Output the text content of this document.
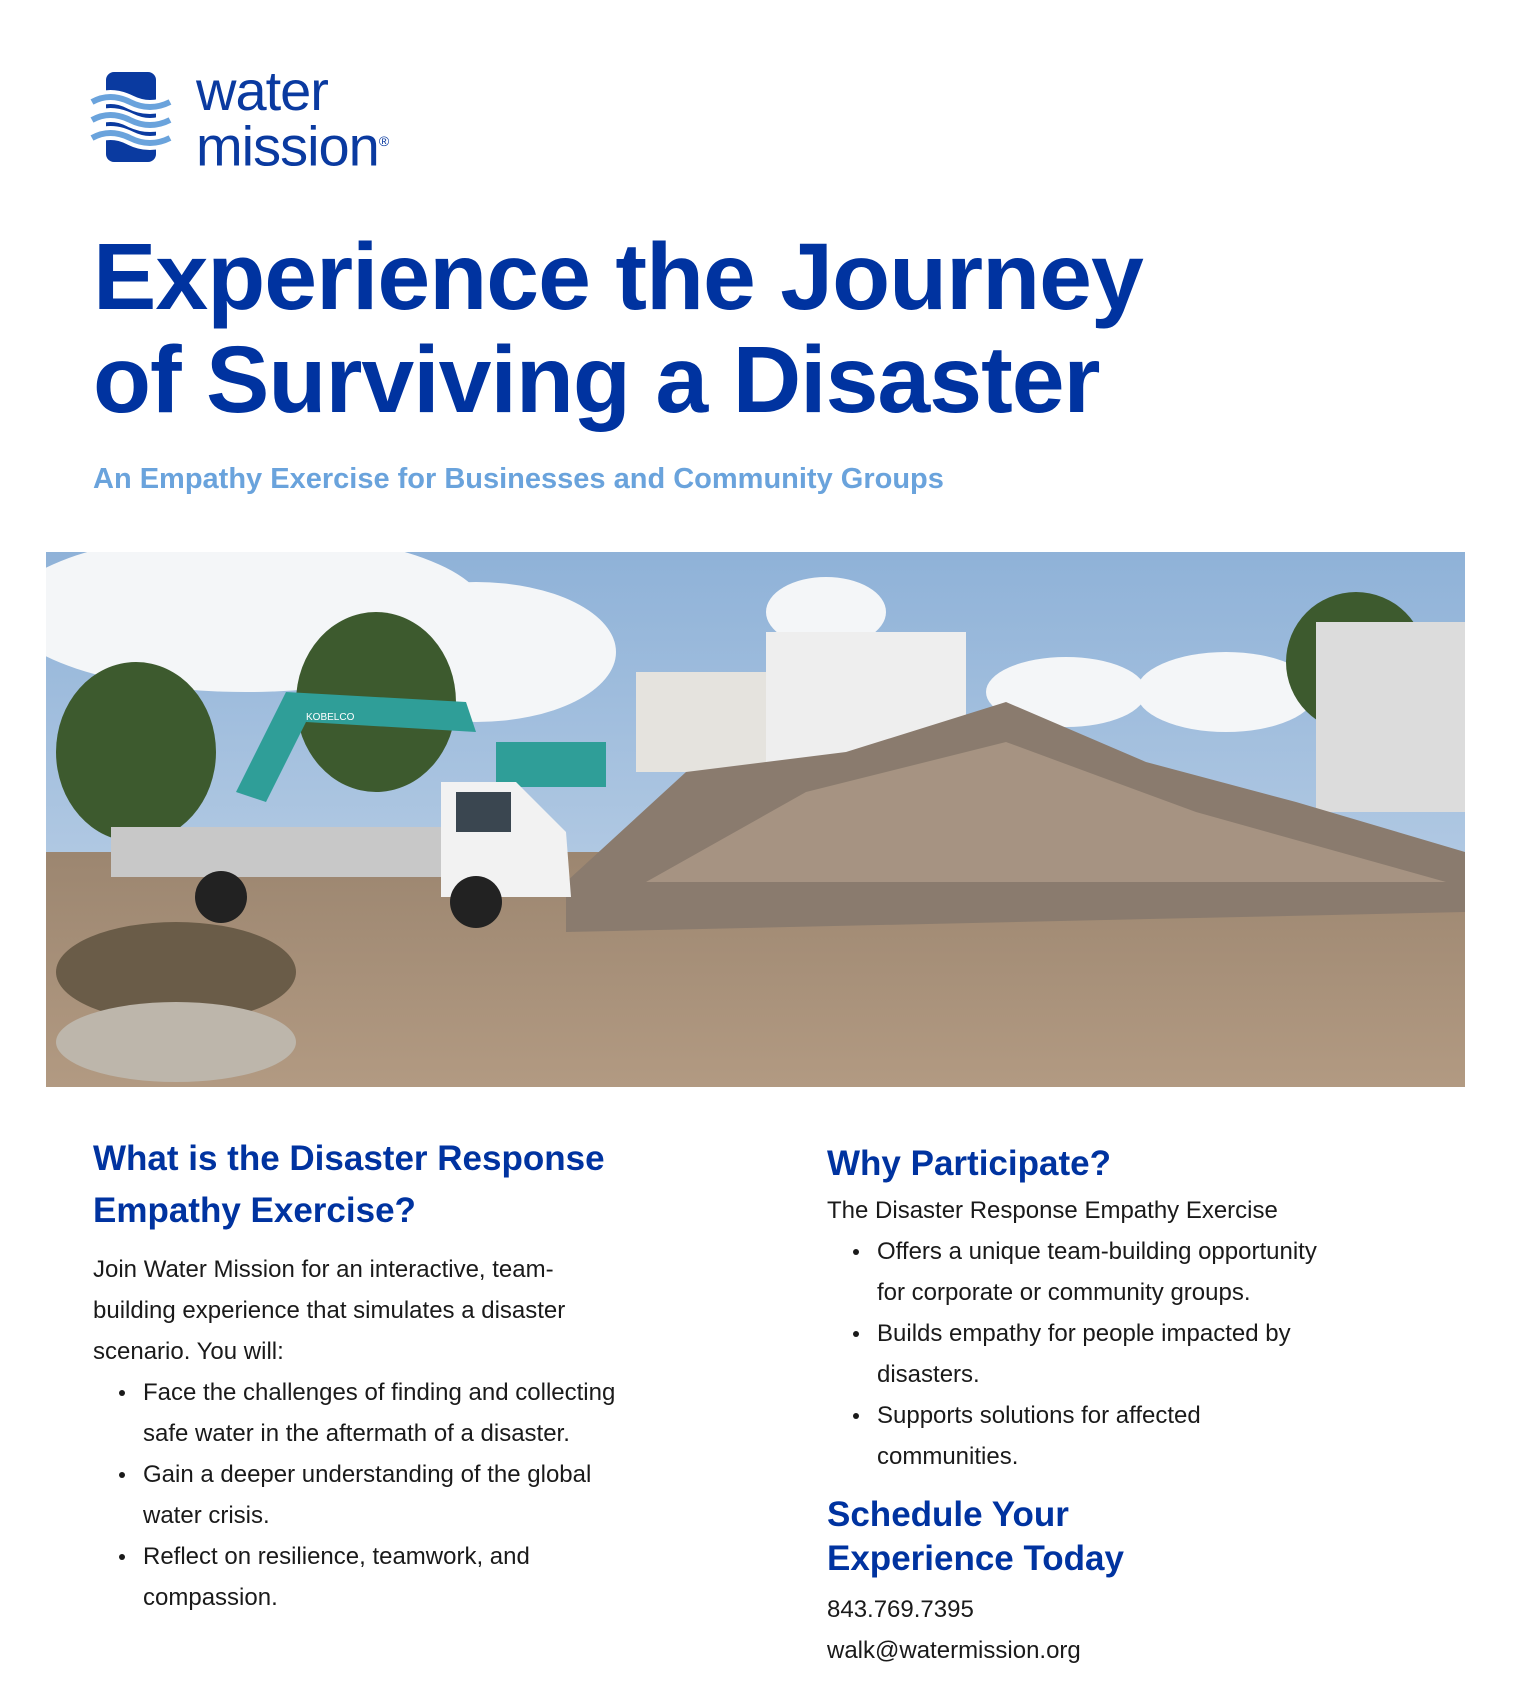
water
mission®
Experience the Journey
of Surviving a Disaster
An Empathy Exercise for Businesses and Community Groups
KOBELCO
What is the Disaster Response
Empathy Exercise?
Join Water Mission for an interactive, team-
building experience that simulates a disaster
scenario. You will:
Face the challenges of finding and collecting
safe water in the aftermath of a disaster.
Gain a deeper understanding of the global
water crisis.
Reflect on resilience, teamwork, and
compassion.
Why Participate?
The Disaster Response Empathy Exercise
Offers a unique team-building opportunity
for corporate or community groups.
Builds empathy for people impacted by
disasters.
Supports solutions for affected
communities.
Schedule Your
Experience Today
843.769.7395
walk@watermission.org
